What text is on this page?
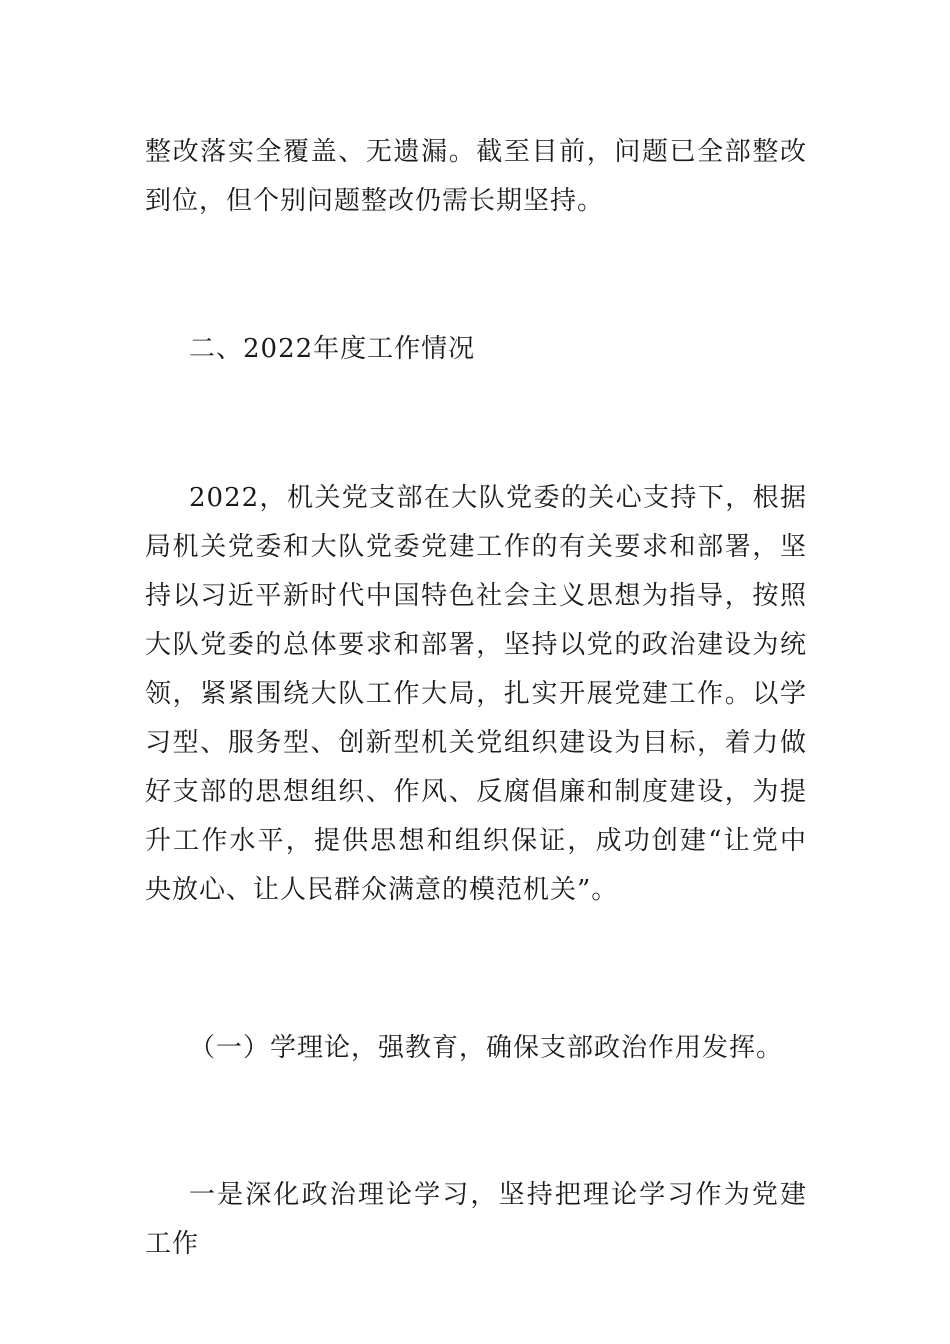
整改落实全覆盖、无遗漏。截至目前，问题已全部整改到位，但个别问题整改仍需长期坚持。

二、2022年度工作情况

2022，机关党支部在大队党委的关心支持下，根据局机关党委和大队党委党建工作的有关要求和部署，坚持以习近平新时代中国特色社会主义思想为指导，按照大队党委的总体要求和部署，坚持以党的政治建设为统领，紧紧围绕大队工作大局，扎实开展党建工作。以学习型、服务型、创新型机关党组织建设为目标，着力做好支部的思想组织、作风、反腐倡廉和制度建设，为提升工作水平，提供思想和组织保证，成功创建“让党中央放心、让人民群众满意的模范机关”。

（一）学理论，强教育，确保支部政治作用发挥。

一是深化政治理论学习，坚持把理论学习作为党建工作
